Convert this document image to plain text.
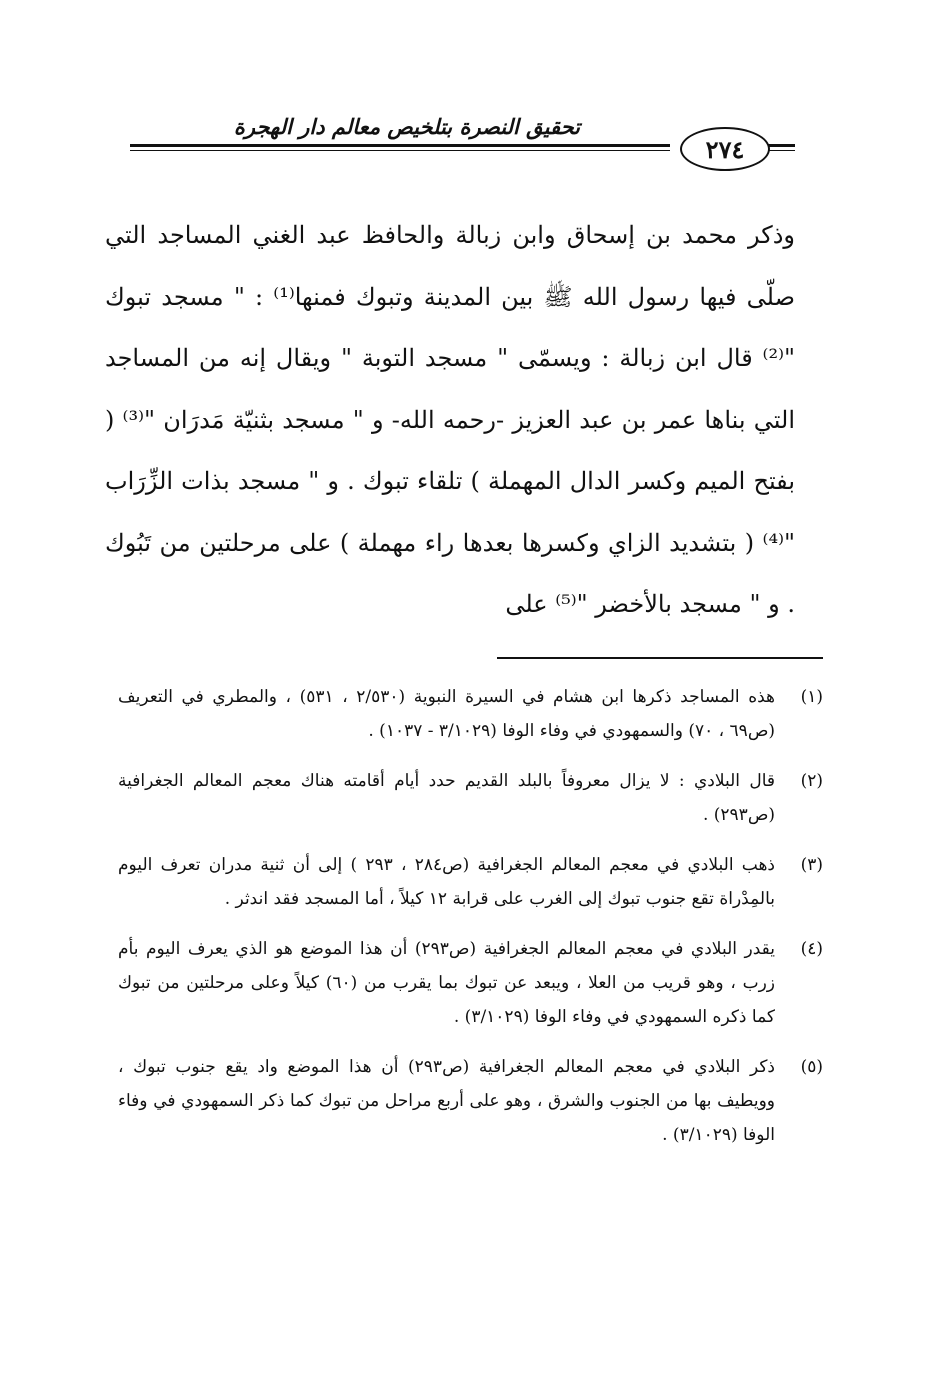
تحقيق النصرة بتلخيص معالم دار الهجرة
٢٧٤

وذكر محمد بن إسحاق وابن زبالة والحافظ عبد الغني المساجد التي صلّى فيها رسول الله ﷺ بين المدينة وتبوك فمنها⁽¹⁾ : " مسجد تبوك "⁽²⁾ قال ابن زبالة : ويسمّى " مسجد التوبة " ويقال إنه من المساجد التي بناها عمر بن عبد العزيز -رحمه الله- و " مسجد بثنيّة مَدرَان "⁽³⁾ ( بفتح الميم وكسر الدال المهملة ) تلقاء تبوك . و " مسجد بذات الزِّرَاب "⁽⁴⁾ ( بتشديد الزاي وكسرها بعدها راء مهملة ) على مرحلتين من تَبُوك . و " مسجد بالأخضر "⁽⁵⁾ على

(١)
هذه المساجد ذكرها ابن هشام في السيرة النبوية (٢/٥٣٠ ، ٥٣١) ، والمطري في التعريف (ص٦٩ ، ٧٠) والسمهودي في وفاء الوفا (٣/١٠٢٩ - ١٠٣٧) .
(٢)
قال البلادي : لا يزال معروفاً بالبلد القديم حدد أيام أقامته هناك معجم المعالم الجغرافية (ص٢٩٣) .
(٣)
ذهب البلادي في معجم المعالم الجغرافية (ص٢٨٤ ، ٢٩٣ ) إلى أن ثنية مدران تعرف اليوم بالمِدْراة تقع جنوب تبوك إلى الغرب على قرابة ١٢ كيلاً ، أما المسجد فقد اندثر .
(٤)
يقدر البلادي في معجم المعالم الجغرافية (ص٢٩٣) أن هذا الموضع هو الذي يعرف اليوم بأم زرب ، وهو قريب من العلا ، ويبعد عن تبوك بما يقرب من (٦٠) كيلاً وعلى مرحلتين من تبوك كما ذكره السمهودي في وفاء الوفا (٣/١٠٢٩) .
(٥)
ذكر البلادي في معجم المعالم الجغرافية (ص٢٩٣) أن هذا الموضع واد يقع جنوب تبوك ، وويطيف بها من الجنوب والشرق ، وهو على أربع مراحل من تبوك كما ذكر السمهودي في وفاء الوفا (٣/١٠٢٩) .
